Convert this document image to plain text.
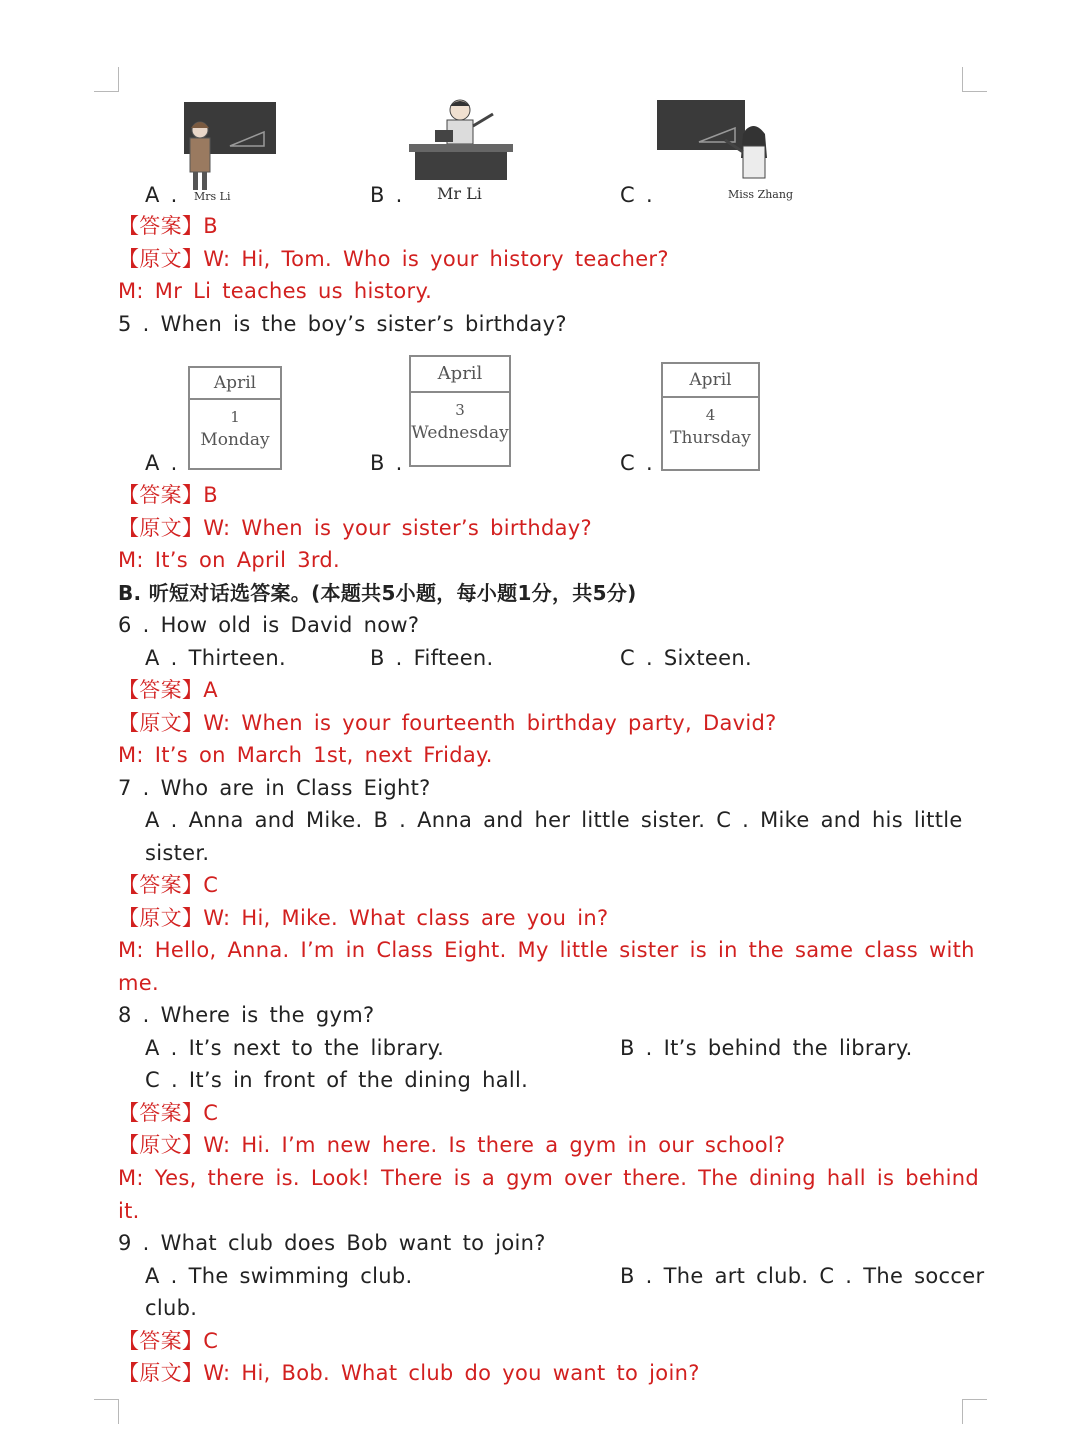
A . Mrs Li	B . Mr Li	C .	Miss Zhang
【答案】B
【原文】W: Hi, Tom. Who is your history teacher?
M: Mr Li teaches us history.
5 . When is the boy’s sister’s birthday?
April
1
Monday
April
3
Wednesday
April
4
Thursday
A .	B .	C .
【答案】B
【原文】W: When is your sister’s birthday?
M: It’s on April 3rd.
B. 听短对话选答案。(本题共5小题，每小题1分，共5分)
6 . How old is David now?
A . Thirteen.	B . Fifteen.	C . Sixteen.
【答案】A
【原文】W: When is your fourteenth birthday party, David?
M: It’s on March 1st, next Friday.
7 . Who are in Class Eight?
A . Anna and Mike. B . Anna and her little sister. C . Mike and his little
sister.
【答案】C
【原文】W: Hi, Mike. What class are you in?
M: Hello, Anna. I’m in Class Eight. My little sister is in the same class with
me.
8 . Where is the gym?
A . It’s next to the library.	B . It’s behind the library.
C . It’s in front of the dining hall.
【答案】C
【原文】W: Hi. I’m new here. Is there a gym in our school?
M: Yes, there is. Look! There is a gym over there. The dining hall is behind
it.
9 . What club does Bob want to join?
A . The swimming club.	B . The art club. C . The soccer
club.
【答案】C
【原文】W: Hi, Bob. What club do you want to join?
